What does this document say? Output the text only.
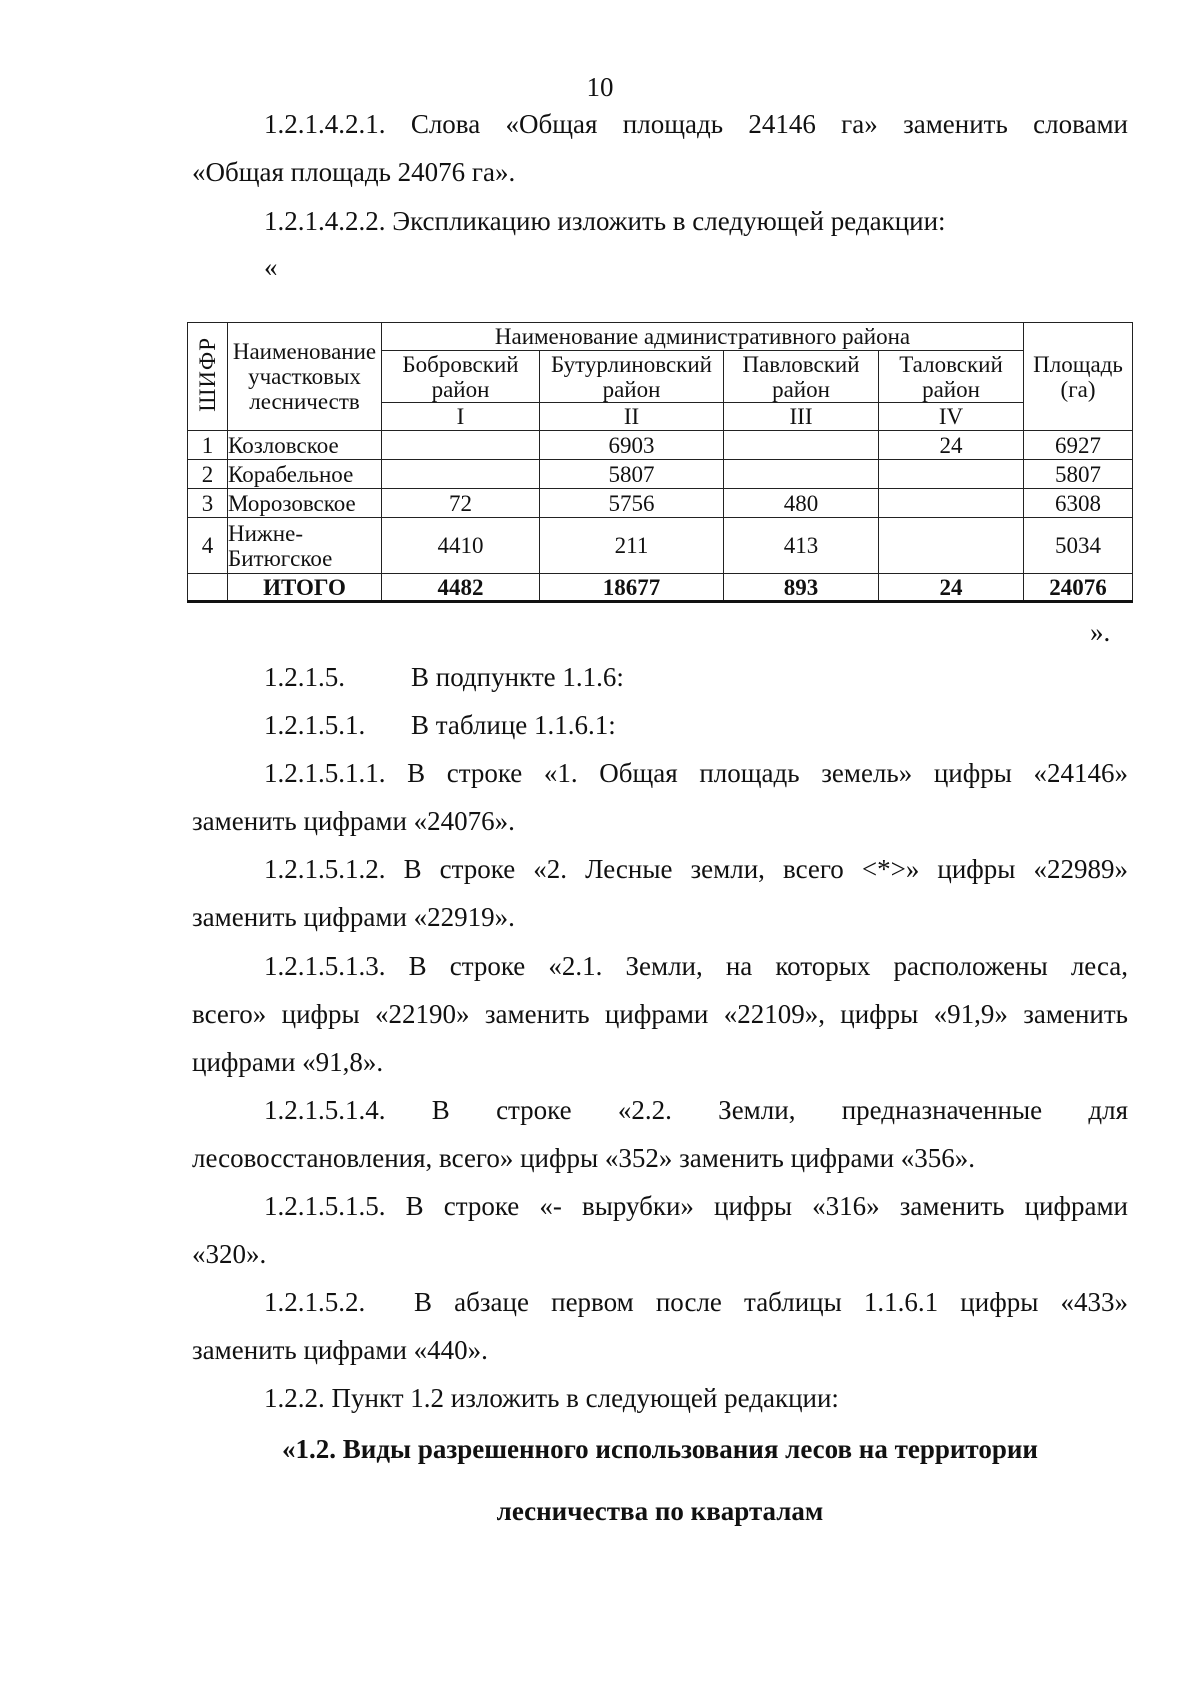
10
1.2.1.4.2.1. Слова «Общая площадь 24146 га» заменить словами
«Общая площадь 24076 га».
1.2.1.4.2.2. Экспликацию изложить в следующей редакции:
«
ШИФР	Наименование участковых лесничеств	Наименование административного района				Площадь (га)
		Бобровский район	Бутурлиновский район	Павловский район	Таловский район	
		I	II	III	IV	
1	Козловское		6903		24	6927
2	Корабельное		5807			5807
3	Морозовское	72	5756	480		6308
4	Нижне-Битюгское	4410	211	413		5034
	ИТОГО	4482	18677	893	24	24076
».
1.2.1.5. В подпункте 1.1.6:
1.2.1.5.1. В таблице 1.1.6.1:
1.2.1.5.1.1. В строке «1. Общая площадь земель» цифры «24146»
заменить цифрами «24076».
1.2.1.5.1.2. В строке «2. Лесные земли, всего <*>» цифры «22989»
заменить цифрами «22919».
1.2.1.5.1.3. В строке «2.1. Земли, на которых расположены леса,
всего» цифры «22190» заменить цифрами «22109», цифры «91,9» заменить
цифрами «91,8».
1.2.1.5.1.4. В строке «2.2. Земли, предназначенные для
лесовосстановления, всего» цифры «352» заменить цифрами «356».
1.2.1.5.1.5. В строке «- вырубки» цифры «316» заменить цифрами
«320».
1.2.1.5.2.	В абзаце первом после таблицы 1.1.6.1 цифры «433»
заменить цифрами «440».
1.2.2. Пункт 1.2 изложить в следующей редакции:
«1.2. Виды разрешенного использования лесов на территории
лесничества по кварталам
